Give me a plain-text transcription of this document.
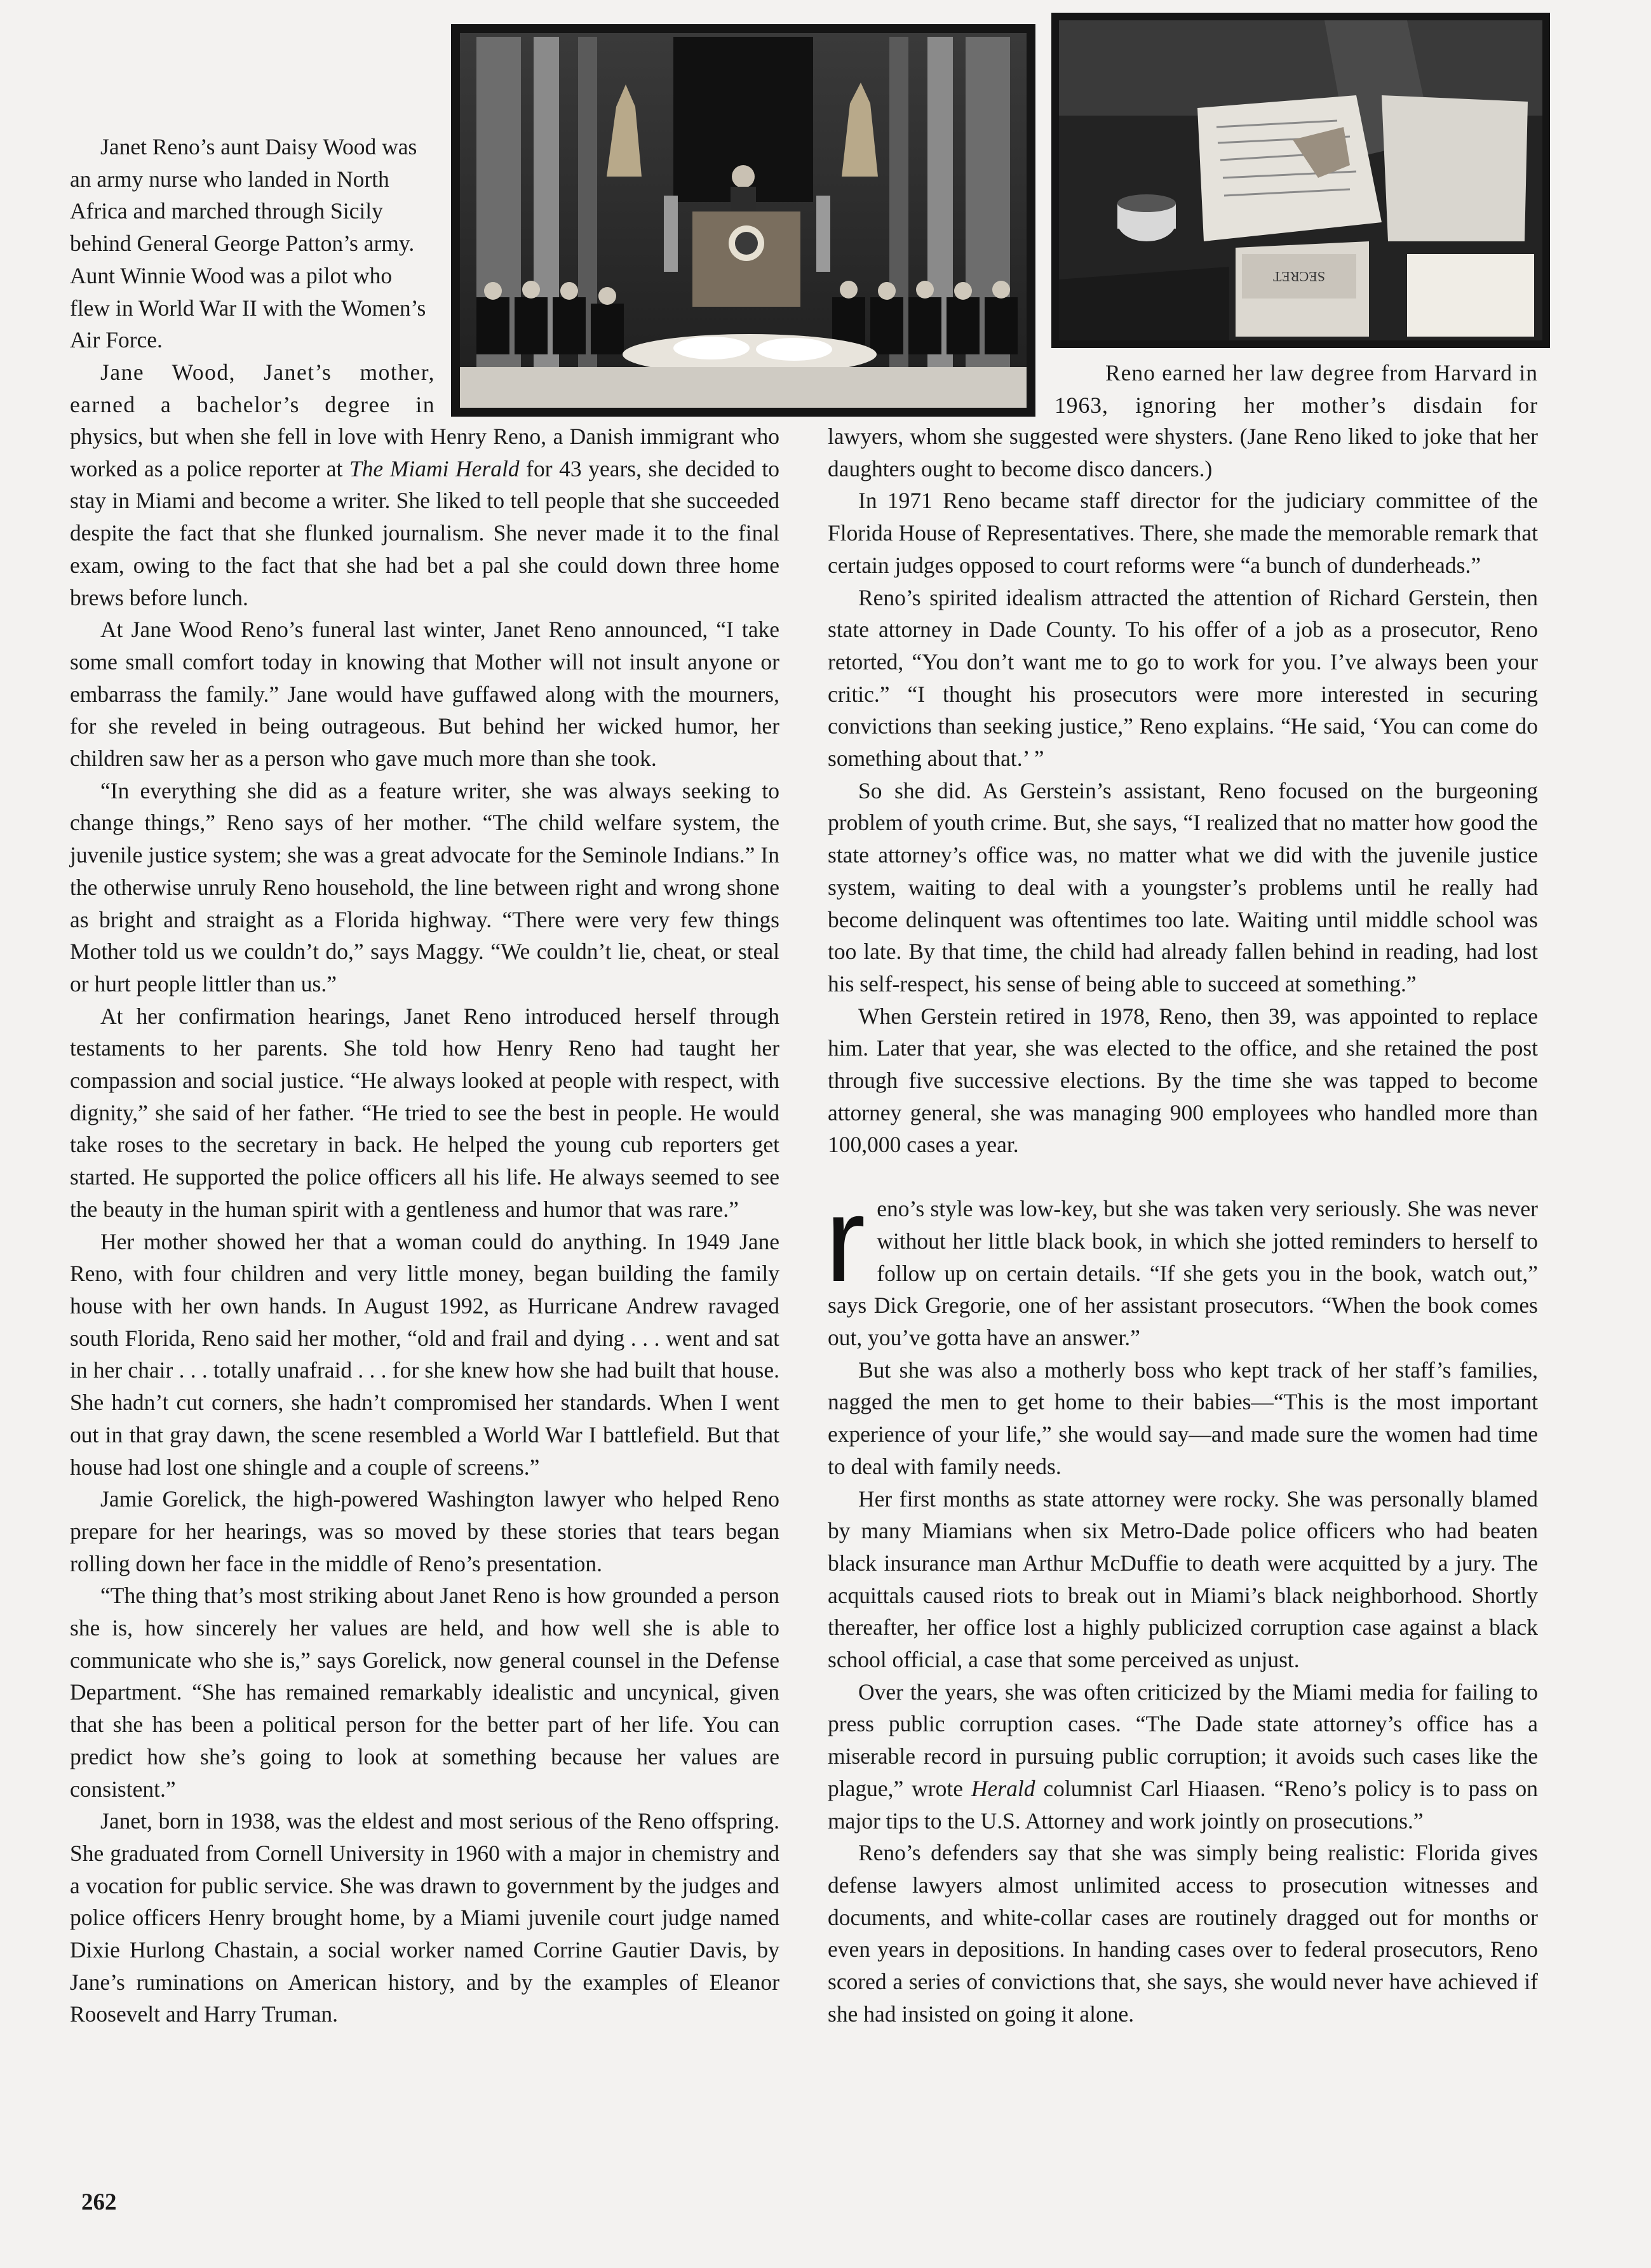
SECRET

Janet Reno’s aunt Daisy Wood was an army nurse who landed in North Africa and marched through Sicily behind General George Patton’s army. Aunt Winnie Wood was a pilot who flew in World War II with the Women’s Air Force.

Jane Wood, Janet’s mother, earned a bachelor’s degree in

physics, but when she fell in love with Henry Reno, a Danish immigrant who worked as a police reporter at The Miami Herald for 43 years, she decided to stay in Miami and become a writer. She liked to tell people that she succeeded despite the fact that she flunked journalism. She never made it to the final exam, owing to the fact that she had bet a pal she could down three home brews before lunch.

At Jane Wood Reno’s funeral last winter, Janet Reno announced, “I take some small comfort today in knowing that Mother will not insult anyone or embarrass the family.” Jane would have guffawed along with the mourners, for she reveled in being outrageous. But behind her wicked humor, her children saw her as a person who gave much more than she took.

“In everything she did as a feature writer, she was always seeking to change things,” Reno says of her mother. “The child welfare system, the juvenile justice system; she was a great advocate for the Seminole Indians.” In the otherwise unruly Reno household, the line between right and wrong shone as bright and straight as a Florida highway. “There were very few things Mother told us we couldn’t do,” says Maggy. “We couldn’t lie, cheat, or steal or hurt people littler than us.”

At her confirmation hearings, Janet Reno introduced herself through testaments to her parents. She told how Henry Reno had taught her compassion and social justice. “He always looked at people with respect, with dignity,” she said of her father. “He tried to see the best in people. He would take roses to the secretary in back. He helped the young cub reporters get started. He supported the police officers all his life. He always seemed to see the beauty in the human spirit with a gentleness and humor that was rare.”

Her mother showed her that a woman could do anything. In 1949 Jane Reno, with four children and very little money, began building the family house with her own hands. In August 1992, as Hurricane Andrew ravaged south Florida, Reno said her mother, “old and frail and dying . . . went and sat in her chair . . . totally unafraid . . . for she knew how she had built that house. She hadn’t cut corners, she hadn’t compromised her standards. When I went out in that gray dawn, the scene resembled a World War I battlefield. But that house had lost one shingle and a couple of screens.”

Jamie Gorelick, the high-powered Washington lawyer who helped Reno prepare for her hearings, was so moved by these stories that tears began rolling down her face in the middle of Reno’s presentation.

“The thing that’s most striking about Janet Reno is how grounded a person she is, how sincerely her values are held, and how well she is able to communicate who she is,” says Gorelick, now general counsel in the Defense Department. “She has remained remarkably idealistic and uncynical, given that she has been a political person for the better part of her life. You can predict how she’s going to look at something because her values are consistent.”

Janet, born in 1938, was the eldest and most serious of the Reno offspring. She graduated from Cornell University in 1960 with a major in chemistry and a vocation for public service. She was drawn to government by the judges and police officers Henry brought home, by a Miami juvenile court judge named Dixie Hurlong Chastain, a social worker named Corrine Gautier Davis, by Jane’s ruminations on American history, and by the examples of Eleanor Roosevelt and Harry Truman.

Reno earned her law degree from Harvard in 1963, ignoring her mother’s disdain for

lawyers, whom she suggested were shysters. (Jane Reno liked to joke that her daughters ought to become disco dancers.)

In 1971 Reno became staff director for the judiciary committee of the Florida House of Representatives. There, she made the memorable remark that certain judges opposed to court reforms were “a bunch of dunderheads.”

Reno’s spirited idealism attracted the attention of Richard Gerstein, then state attorney in Dade County. To his offer of a job as a prosecutor, Reno retorted, “You don’t want me to go to work for you. I’ve always been your critic.” “I thought his prosecutors were more interested in securing convictions than seeking justice,” Reno explains. “He said, ‘You can come do something about that.’ ”

So she did. As Gerstein’s assistant, Reno focused on the burgeoning problem of youth crime. But, she says, “I realized that no matter how good the state attorney’s office was, no matter what we did with the juvenile justice system, waiting to deal with a youngster’s problems until he really had become delinquent was oftentimes too late. Waiting until middle school was too late. By that time, the child had already fallen behind in reading, had lost his self-respect, his sense of being able to succeed at something.”

When Gerstein retired in 1978, Reno, then 39, was appointed to replace him. Later that year, she was elected to the office, and she retained the post through five successive elections. By the time she was tapped to become attorney general, she was managing 900 employees who handled more than 100,000 cases a year.

reno’s style was low-key, but she was taken very seriously. She was never without her little black book, in which she jotted reminders to herself to follow up on certain details. “If she gets you in the book, watch out,” says Dick Gregorie, one of her assistant prosecutors. “When the book comes out, you’ve gotta have an answer.”

But she was also a motherly boss who kept track of her staff’s families, nagged the men to get home to their babies—“This is the most important experience of your life,” she would say—and made sure the women had time to deal with family needs.

Her first months as state attorney were rocky. She was personally blamed by many Miamians when six Metro-Dade police officers who had beaten black insurance man Arthur McDuffie to death were acquitted by a jury. The acquittals caused riots to break out in Miami’s black neighborhood. Shortly thereafter, her office lost a highly publicized corruption case against a black school official, a case that some perceived as unjust.

Over the years, she was often criticized by the Miami media for failing to press public corruption cases. “The Dade state attorney’s office has a miserable record in pursuing public corruption; it avoids such cases like the plague,” wrote Herald columnist Carl Hiaasen. “Reno’s policy is to pass on major tips to the U.S. Attorney and work jointly on prosecutions.”

Reno’s defenders say that she was simply being realistic: Florida gives defense lawyers almost unlimited access to prosecution witnesses and documents, and white-collar cases are routinely dragged out for months or even years in depositions. In handing cases over to federal prosecutors, Reno scored a series of convictions that, she says, she would never have achieved if she had insisted on going it alone.

262
